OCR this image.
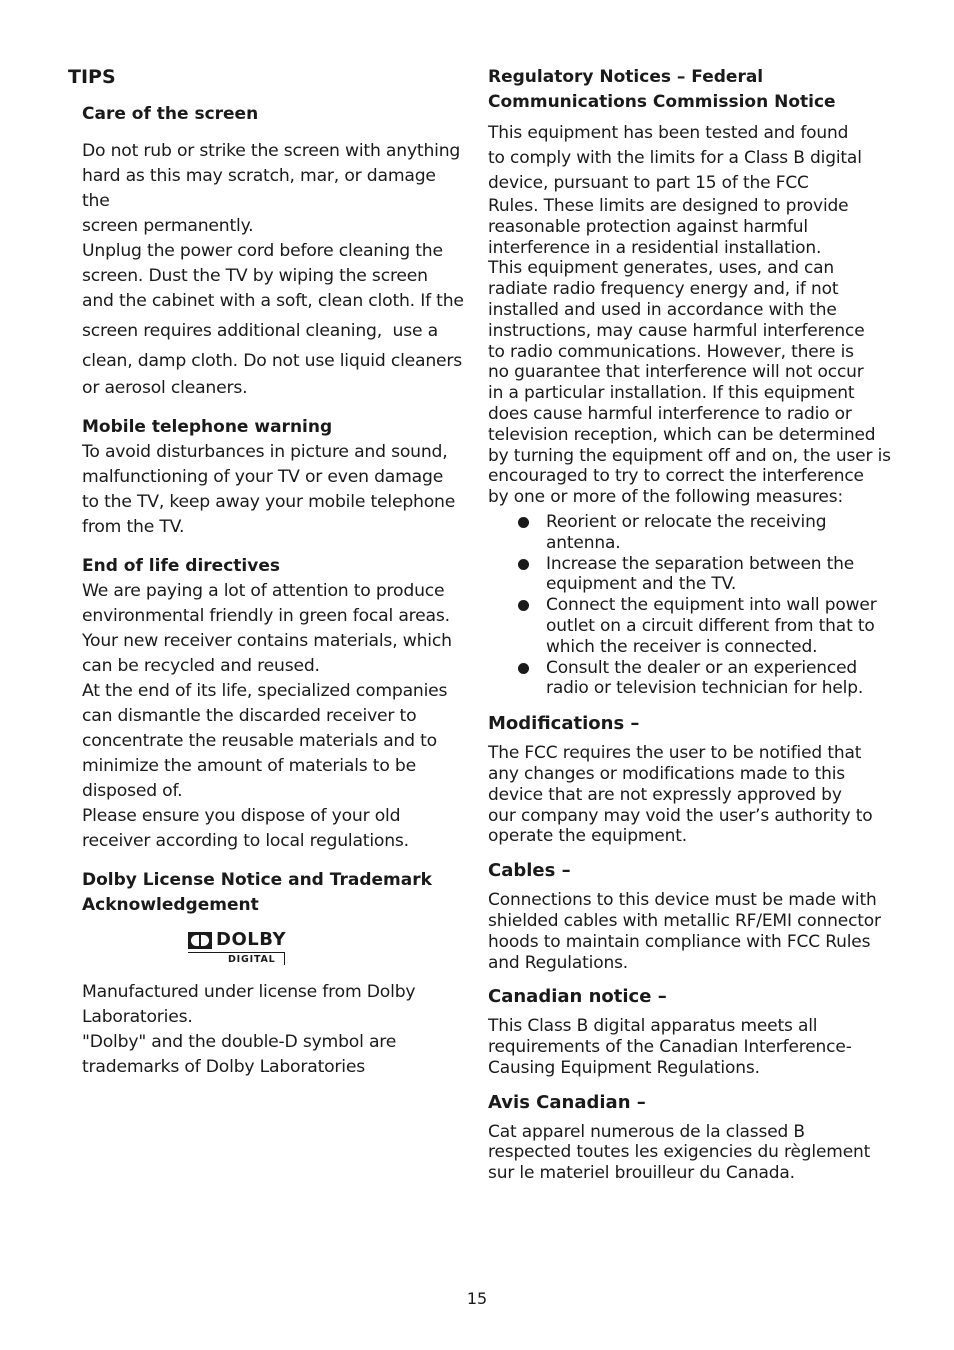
TIPS
Care of the screen
Do not rub or strike the screen with anything
hard as this may scratch, mar, or damage the
screen permanently.
Unplug the power cord before cleaning the
screen. Dust the TV by wiping the screen
and the cabinet with a soft, clean cloth. If the
screen requires additional cleaning,  use a
clean, damp cloth. Do not use liquid cleaners
or aerosol cleaners.
Mobile telephone warning
To avoid disturbances in picture and sound,
malfunctioning of your TV or even damage
to the TV, keep away your mobile telephone
from the TV.
End of life directives
We are paying a lot of attention to produce
environmental friendly in green focal areas.
Your new receiver contains materials, which
can be recycled and reused.
At the end of its life, specialized companies
can dismantle the discarded receiver to
concentrate the reusable materials and to
minimize the amount of materials to be
disposed of.
Please ensure you dispose of your old
receiver according to local regulations.
Dolby License Notice and Trademark
Acknowledgement
DOLBY
DIGITAL
Manufactured under license from Dolby
Laboratories.
"Dolby" and the double-D symbol are
trademarks of Dolby Laboratories
Regulatory Notices – Federal
Communications Commission Notice
This equipment has been tested and found
to comply with the limits for a Class B digital
device, pursuant to part 15 of the FCC
Rules. These limits are designed to provide
reasonable protection against harmful
interference in a residential installation.
This equipment generates, uses, and can
radiate radio frequency energy and, if not
installed and used in accordance with the
instructions, may cause harmful interference
to radio communications. However, there is
no guarantee that interference will not occur
in a particular installation. If this equipment
does cause harmful interference to radio or
television reception, which can be determined
by turning the equipment off and on, the user is
encouraged to try to correct the interference
by one or more of the following measures:
Reorient or relocate the receiving
antenna.
Increase the separation between the
equipment and the TV.
Connect the equipment into wall power
outlet on a circuit different from that to
which the receiver is connected.
Consult the dealer or an experienced
radio or television technician for help.
Modifications –
The FCC requires the user to be notified that
any changes or modifications made to this
device that are not expressly approved by
our company may void the user’s authority to
operate the equipment.
Cables –
Connections to this device must be made with
shielded cables with metallic RF/EMI connector
hoods to maintain compliance with FCC Rules
and Regulations.
Canadian notice –
This Class B digital apparatus meets all
requirements of the Canadian Interference-
Causing Equipment Regulations.
Avis Canadian –
Cat apparel numerous de la classed B
respected toutes les exigencies du règlement
sur le materiel brouilleur du Canada.
15
